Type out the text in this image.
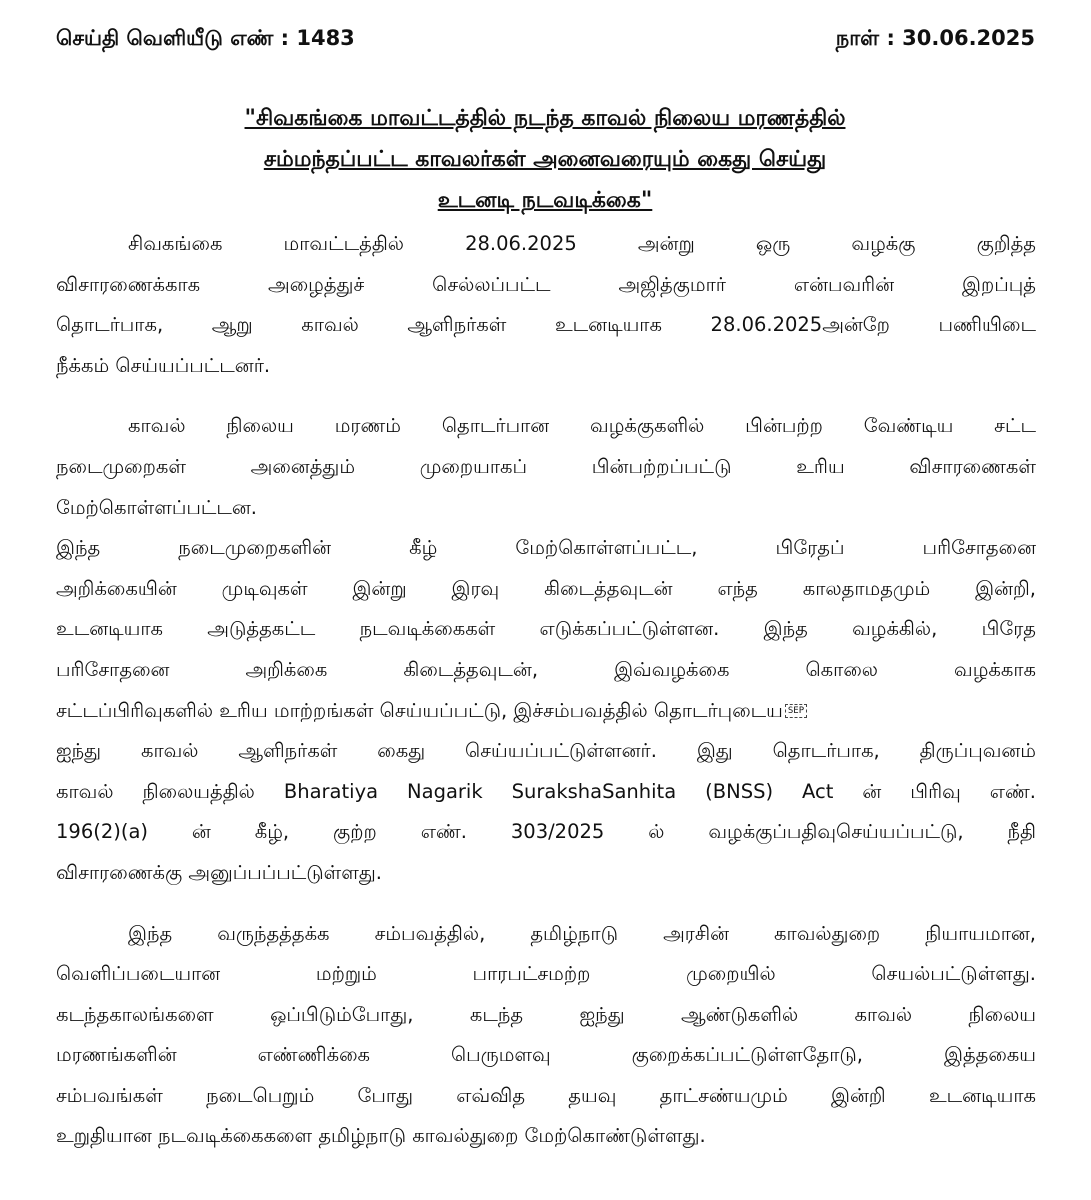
செய்தி வெளியீடு எண் : 1483	நாள் : 30.06.2025
"சிவகங்கை மாவட்டத்தில் நடந்த காவல் நிலைய மரணத்தில்
சம்மந்தப்பட்ட காவலர்கள் அனைவரையும் கைது செய்து
உடனடி நடவடிக்கை"
சிவகங்கை மாவட்டத்தில் 28.06.2025 அன்று ஒரு வழக்கு குறித்த
விசாரணைக்காக அழைத்துச் செல்லப்பட்ட அஜித்குமார் என்பவரின் இறப்புத்
தொடர்பாக, ஆறு காவல் ஆளிநர்கள் உடனடியாக 28.06.2025அன்றே பணியிடை
நீக்கம் செய்யப்பட்டனர்.
காவல் நிலைய மரணம் தொடர்பான வழக்குகளில் பின்பற்ற வேண்டிய சட்ட
நடைமுறைகள் அனைத்தும் முறையாகப் பின்பற்றப்பட்டு உரிய விசாரணைகள்
மேற்கொள்ளப்பட்டன.
இந்த நடைமுறைகளின் கீழ் மேற்கொள்ளப்பட்ட, பிரேதப் பரிசோதனை
அறிக்கையின் முடிவுகள் இன்று இரவு கிடைத்தவுடன் எந்த காலதாமதமும் இன்றி,
உடனடியாக அடுத்தகட்ட நடவடிக்கைகள் எடுக்கப்பட்டுள்ளன. இந்த வழக்கில், பிரேத
பரிசோதனை அறிக்கை கிடைத்தவுடன், இவ்வழக்கை கொலை வழக்காக
சட்டப்பிரிவுகளில் உரிய மாற்றங்கள் செய்யப்பட்டு, இச்சம்பவத்தில் தொடர்புடைய SEP
ஐந்து காவல் ஆளிநர்கள் கைது செய்யப்பட்டுள்ளனர். இது தொடர்பாக, திருப்புவனம்
காவல் நிலையத்தில் Bharatiya Nagarik SurakshaSanhita (BNSS) Act ன் பிரிவு எண்.
196(2)(a) ன் கீழ், குற்ற எண். 303/2025 ல் வழக்குப்பதிவுசெய்யப்பட்டு, நீதி
விசாரணைக்கு அனுப்பப்பட்டுள்ளது.
இந்த வருந்தத்தக்க சம்பவத்தில், தமிழ்நாடு அரசின் காவல்துறை நியாயமான,
வெளிப்படையான மற்றும் பாரபட்சமற்ற முறையில் செயல்பட்டுள்ளது.
கடந்தகாலங்களை ஒப்பிடும்போது, கடந்த ஐந்து ஆண்டுகளில் காவல் நிலைய
மரணங்களின் எண்ணிக்கை பெருமளவு குறைக்கப்பட்டுள்ளதோடு, இத்தகைய
சம்பவங்கள் நடைபெறும் போது எவ்வித தயவு தாட்சண்யமும் இன்றி உடனடியாக
உறுதியான நடவடிக்கைகளை தமிழ்நாடு காவல்துறை மேற்கொண்டுள்ளது.
